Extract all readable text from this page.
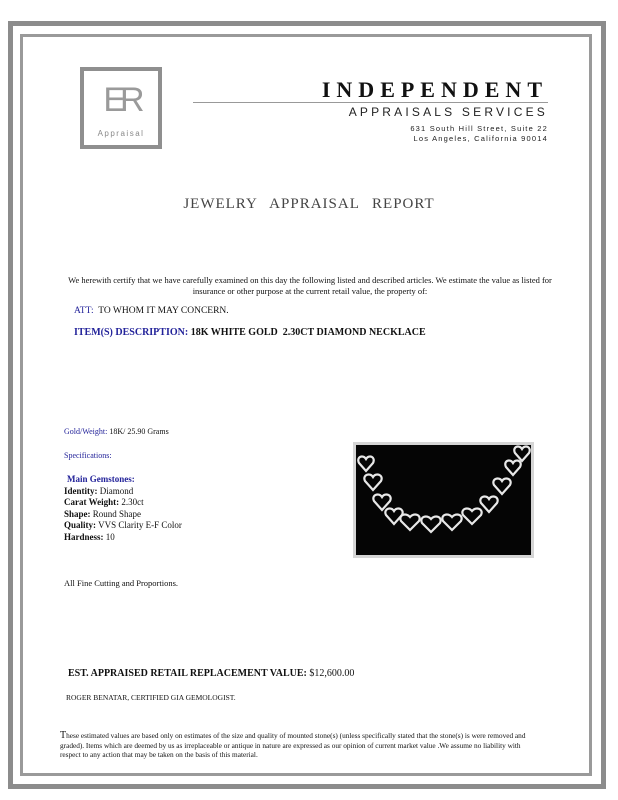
ER
Appraisal
INDEPENDENT
APPRAISALS SERVICES
631 South Hill Street, Suite 22
Los Angeles, California 90014
JEWELRY APPRAISAL REPORT
We herewith certify that we have carefully examined on this day the following listed and described articles. We estimate the value as listed for insurance or other purpose at the current retail value, the property of:
ATT: TO WHOM IT MAY CONCERN.
ITEM(S) DESCRIPTION: 18K WHITE GOLD  2.30CT DIAMOND NECKLACE
Gold/Weight: 18K/ 25.90 Grams
Specifications:
Main Gemstones:
Identity: Diamond
Carat Weight: 2.30ct
Shape: Round Shape
Quality: VVS Clarity E-F Color
Hardness: 10
All Fine Cutting and Proportions.
EST. APPRAISED RETAIL REPLACEMENT VALUE: $12,600.00
ROGER BENATAR, CERTIFIED GIA GEMOLOGIST.
These estimated values are based only on estimates of the size and quality of mounted stone(s) (unless specifically stated that the stone(s) is were removed and graded). Items which are deemed by us as irreplaceable or antique in nature are expressed as our opinion of current market value .We assume no liability with respect to any action that may be taken on the basis of this material.
